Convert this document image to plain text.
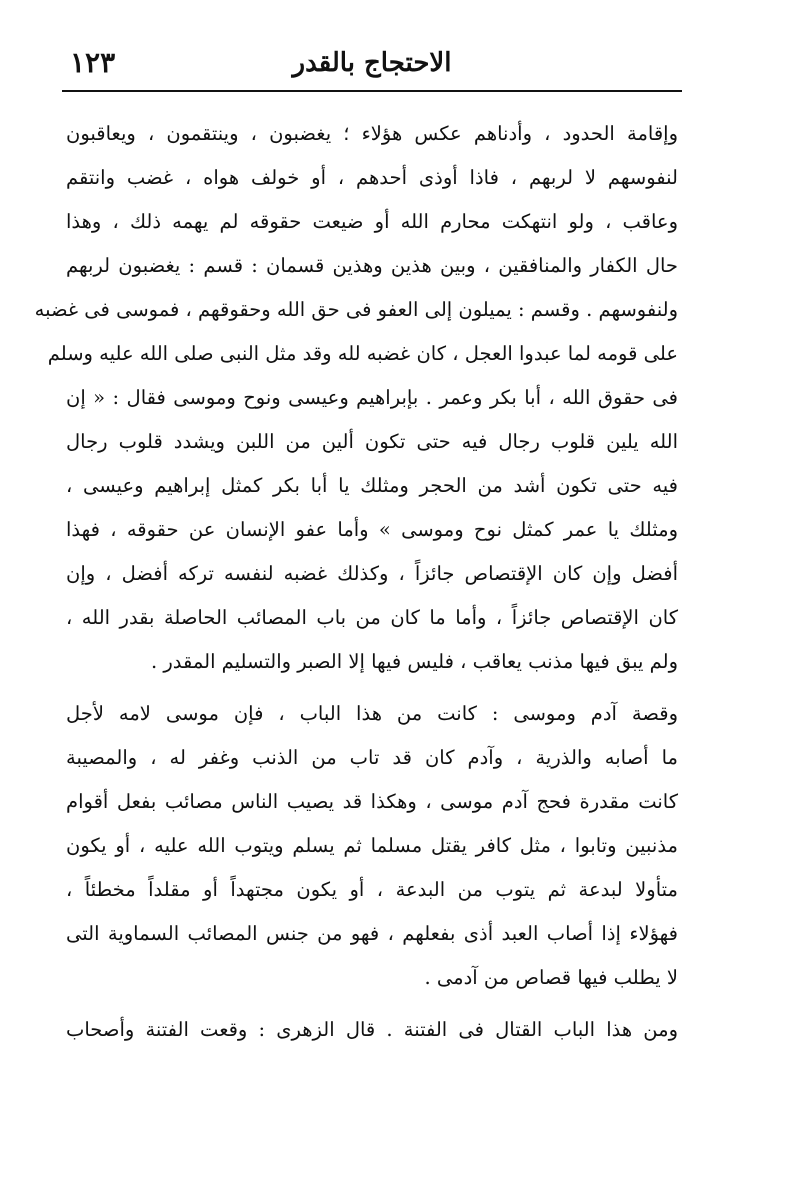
١٢٣	الاحتجاج بالقدر
وإقامة الحدود ، وأدناهم عكس هؤلاء ؛ يغضبون ، وينتقمون ، ويعاقبون
لنفوسهم لا لربهم ، فاذا أوذى أحدهم ، أو خولف هواه ، غضب وانتقم
وعاقب ، ولو انتهكت محارم الله أو ضيعت حقوقه لم يهمه ذلك ، وهذا
حال الكفار والمنافقين ، وبين هذين وهذين قسمان : قسم : يغضبون لربهم
ولنفوسهم . وقسم : يميلون إلى العفو فى حق الله وحقوقهم ، فموسى فى غضبه
على قومه لما عبدوا العجل ، كان غضبه لله وقد مثل النبى صلى الله عليه وسلم
فى حقوق الله ، أبا بكر وعمر . بإبراهيم وعيسى ونوح وموسى فقال : « إن
الله يلين قلوب رجال فيه حتى تكون ألين من اللبن ويشدد قلوب رجال
فيه حتى تكون أشد من الحجر ومثلك يا أبا بكر كمثل إبراهيم وعيسى ،
ومثلك يا عمر كمثل نوح وموسى » وأما عفو الإنسان عن حقوقه ، فهذا
أفضل وإن كان الإقتصاص جائزاً ، وكذلك غضبه لنفسه تركه أفضل ، وإن
كان الإقتصاص جائزاً ، وأما ما كان من باب المصائب الحاصلة بقدر الله ،
ولم يبق فيها مذنب يعاقب ، فليس فيها إلا الصبر والتسليم المقدر .
وقصة آدم وموسى : كانت من هذا الباب ، فإن موسى لامه لأجل
ما أصابه والذرية ، وآدم كان قد تاب من الذنب وغفر له ، والمصيبة
كانت مقدرة فحج آدم موسى ، وهكذا قد يصيب الناس مصائب بفعل أقوام
مذنبين وتابوا ، مثل كافر يقتل مسلما ثم يسلم ويتوب الله عليه ، أو يكون
متأولا لبدعة ثم يتوب من البدعة ، أو يكون مجتهداً أو مقلداً مخطئاً ،
فهؤلاء إذا أصاب العبد أذى بفعلهم ، فهو من جنس المصائب السماوية التى
لا يطلب فيها قصاص من آدمى .
ومن هذا الباب القتال فى الفتنة . قال الزهرى : وقعت الفتنة وأصحاب
